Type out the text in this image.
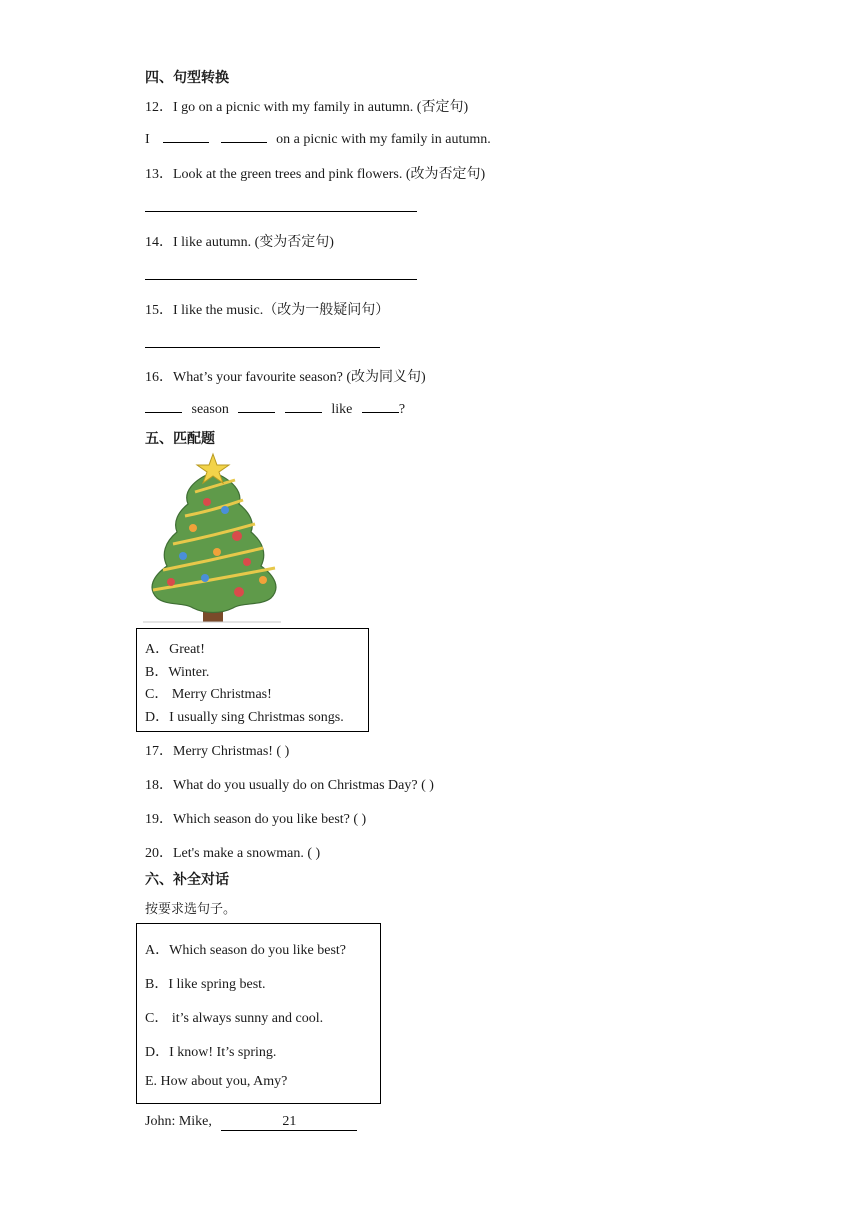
四、句型转换
12．I go on a picnic with my family in autumn. (否定句)
I	on a picnic with my family in autumn.
13．Look at the green trees and pink flowers. (改为否定句)
14．I like autumn. (变为否定句)
15．I like the music.（改为一般疑问句）
16．What’s your favourite season? (改为同义句)
season	like	?
五、匹配题
A．Great!
B．Winter.
C． Merry Christmas!
D．I usually sing Christmas songs.
17．Merry Christmas! ( )
18．What do you usually do on Christmas Day? ( )
19．Which season do you like best? ( )
20．Let's make a snowman. ( )
六、补全对话
按要求选句子。
A．Which season do you like best?
B．I like spring best.
C． it’s always sunny and cool.
D．I know! It’s spring.
E. How about you, Amy?
John: Mike,	21
